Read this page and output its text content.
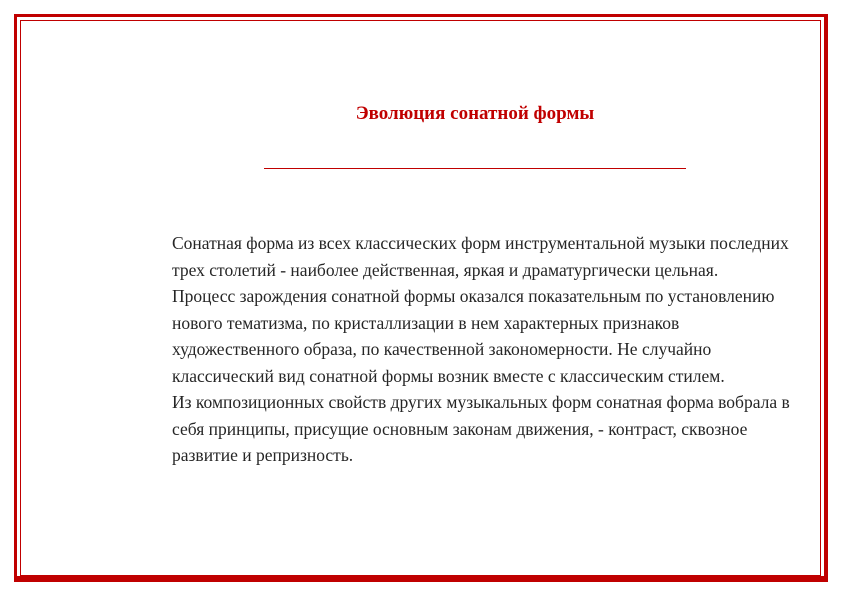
Эволюция сонатной формы

Сонатная форма из всех классических форм инструментальной музыки последних трех столетий - наиболее действенная, яркая и драматургически цельная.

Процесс зарождения сонатной формы оказался показательным по установлению нового тематизма, по кристаллизации в нем характерных признаков художественного образа, по качественной закономерности. Не случайно классический вид сонатной формы возник вместе с классическим стилем.

Из композиционных свойств других музыкальных форм сонатная форма вобрала в себя принципы, присущие основным законам движения, - контраст, сквозное развитие и репризность.
